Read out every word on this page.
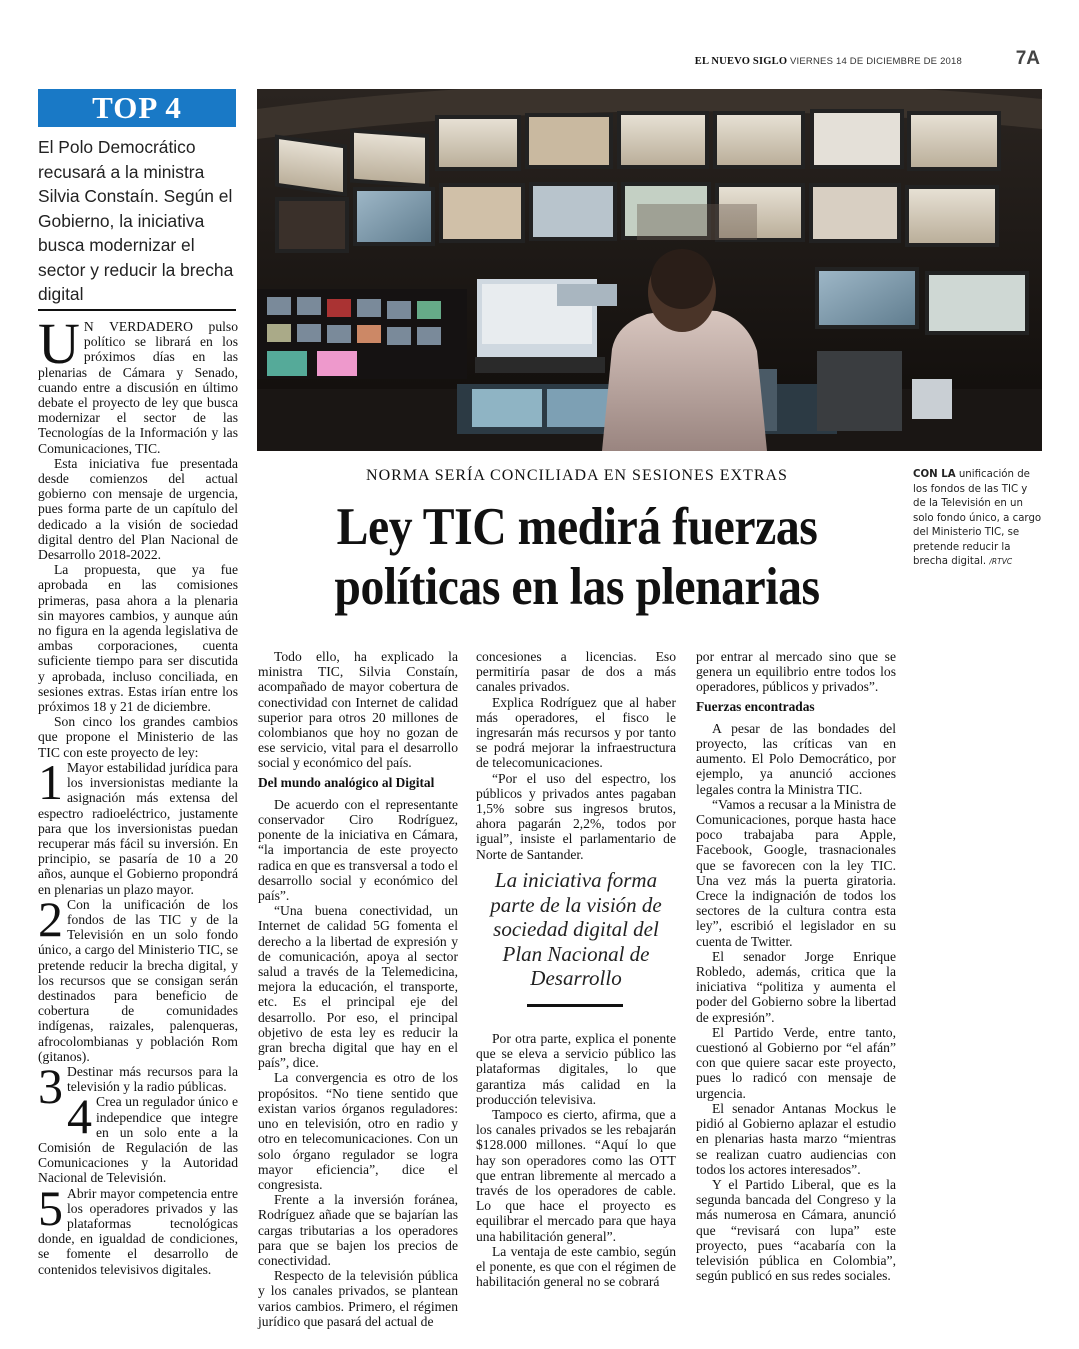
EL NUEVO SIGLO VIERNES 14 DE DICIEMBRE DE 2018	7A
TOP 4
El Polo Democrático recusará a la ministra Silvia Constaín. Según el Gobierno, la iniciativa busca modernizar el sector y reducir la brecha digital
CON LA unificación de los fondos de las TIC y de la Televisión en un solo fondo único, a cargo del Ministerio TIC, se pretende reducir la brecha digital. /RTVC
NORMA SERÍA CONCILIADA EN SESIONES EXTRAS
Ley TIC medirá fuerzas
políticas en las plenarias

U N VERDADERO pulso político se librará en los próximos días en las plenarias de Cámara y Senado, cuando entre a discusión en último debate el proyecto de ley que busca modernizar el sector de las Tecnologías de la Información y las Comunicaciones, TIC.

Esta iniciativa fue presentada desde comienzos del actual gobierno con mensaje de urgencia, pues forma parte de un capítulo del dedicado a la visión de sociedad digital dentro del Plan Nacional de Desarrollo 2018-2022.

La propuesta, que ya fue aprobada en las comisiones primeras, pasa ahora a la plenaria sin mayores cambios, y aunque aún no figura en la agenda legislativa de ambas corporaciones, cuenta suficiente tiempo para ser discutida y aprobada, incluso conciliada, en sesiones extras. Estas irían entre los próximos 18 y 21 de diciembre.

Son cinco los grandes cambios que propone el Ministerio de las TIC con este proyecto de ley:

1 Mayor estabilidad jurídica para los inversionistas mediante la asignación más extensa del espectro radioeléctrico, justamente para que los inversionistas puedan recuperar más fácil su inversión. En principio, se pasaría de 10 a 20 años, aunque el Gobierno propondrá en plenarias un plazo mayor.

2 Con la unificación de los fondos de las TIC y de la Televisión en un solo fondo único, a cargo del Ministerio TIC, se pretende reducir la brecha digital, y los recursos que se consigan serán destinados para beneficio de cobertura de comunidades indígenas, raizales, palenqueras, afrocolombianas y población Rom (gitanos).

3 Destinar más recursos para la televisión y la radio públicas.

4 Crea un regulador único e independice que integre en un solo ente a la Comisión de Regulación de las Comunicaciones y la Autoridad Nacional de Televisión.

5 Abrir mayor competencia entre los operadores privados y las plataformas tecnológicas donde, en igualdad de condiciones, se fomente el desarrollo de contenidos televisivos digitales.

Todo ello, ha explicado la ministra TIC, Silvia Constaín, acompañado de mayor cobertura de conectividad con Internet de calidad superior para otros 20 millones de colombianos que hoy no gozan de ese servicio, vital para el desarrollo social y económico del país.

Del mundo analógico al Digital

De acuerdo con el representante conservador Ciro Rodríguez, ponente de la iniciativa en Cámara, “la importancia de este proyecto radica en que es transversal a todo el desarrollo social y económico del país”.

“Una buena conectividad, un Internet de calidad 5G fomenta el derecho a la libertad de expresión y de comunicación, apoya al sector salud a través de la Telemedicina, mejora la educación, el transporte, etc. Es el principal eje del desarrollo. Por eso, el principal objetivo de esta ley es reducir la gran brecha digital que hay en el país”, dice.

La convergencia es otro de los propósitos. “No tiene sentido que existan varios órganos reguladores: uno en televisión, otro en radio y otro en telecomunicaciones. Con un solo órgano regulador se logra mayor eficiencia”, dice el congresista.

Frente a la inversión foránea, Rodríguez añade que se bajarían las cargas tributarias a los operadores para que se bajen los precios de conectividad.

Respecto de la televisión pública y los canales privados, se plantean varios cambios. Primero, el régimen jurídico que pasará del actual de

concesiones a licencias. Eso permitiría pasar de dos a más canales privados.

Explica Rodríguez que al haber más operadores, el fisco le ingresarán más recursos y por tanto se podrá mejorar la infraestructura de telecomunicaciones.

“Por el uso del espectro, los públicos y privados antes pagaban 1,5% sobre sus ingresos brutos, ahora pagarán 2,2%, todos por igual”, insiste el parlamentario de Norte de Santander.

La iniciativa forma parte de la visión de sociedad digital del Plan Nacional de Desarrollo

Por otra parte, explica el ponente que se eleva a servicio público las plataformas digitales, lo que garantiza más calidad en la producción televisiva.

Tampoco es cierto, afirma, que a los canales privados se les rebajarán $128.000 millones. “Aquí lo que hay son operadores como las OTT que entran libremente al mercado a través de los operadores de cable. Lo que hace el proyecto es equilibrar el mercado para que haya una habilitación general”.

La ventaja de este cambio, según el ponente, es que con el régimen de habilitación general no se cobrará

por entrar al mercado sino que se genera un equilibrio entre todos los operadores, públicos y privados”.

Fuerzas encontradas

A pesar de las bondades del proyecto, las críticas van en aumento. El Polo Democrático, por ejemplo, ya anunció acciones legales contra la Ministra TIC.

“Vamos a recusar a la Ministra de Comunicaciones, porque hasta hace poco trabajaba para Apple, Facebook, Google, trasnacionales que se favorecen con la ley TIC. Una vez más la puerta giratoria. Crece la indignación de todos los sectores de la cultura contra esta ley”, escribió el legislador en su cuenta de Twitter.

El senador Jorge Enrique Robledo, además, critica que la iniciativa “politiza y aumenta el poder del Gobierno sobre la libertad de expresión”.

El Partido Verde, entre tanto, cuestionó al Gobierno por “el afán” con que quiere sacar este proyecto, pues lo radicó con mensaje de urgencia.

El senador Antanas Mockus le pidió al Gobierno aplazar el estudio en plenarias hasta marzo “mientras se realizan cuatro audiencias con todos los actores interesados”.

Y el Partido Liberal, que es la segunda bancada del Congreso y la más numerosa en Cámara, anunció que “revisará con lupa” este proyecto, pues “acabaría con la televisión pública en Colombia”, según publicó en sus redes sociales.
